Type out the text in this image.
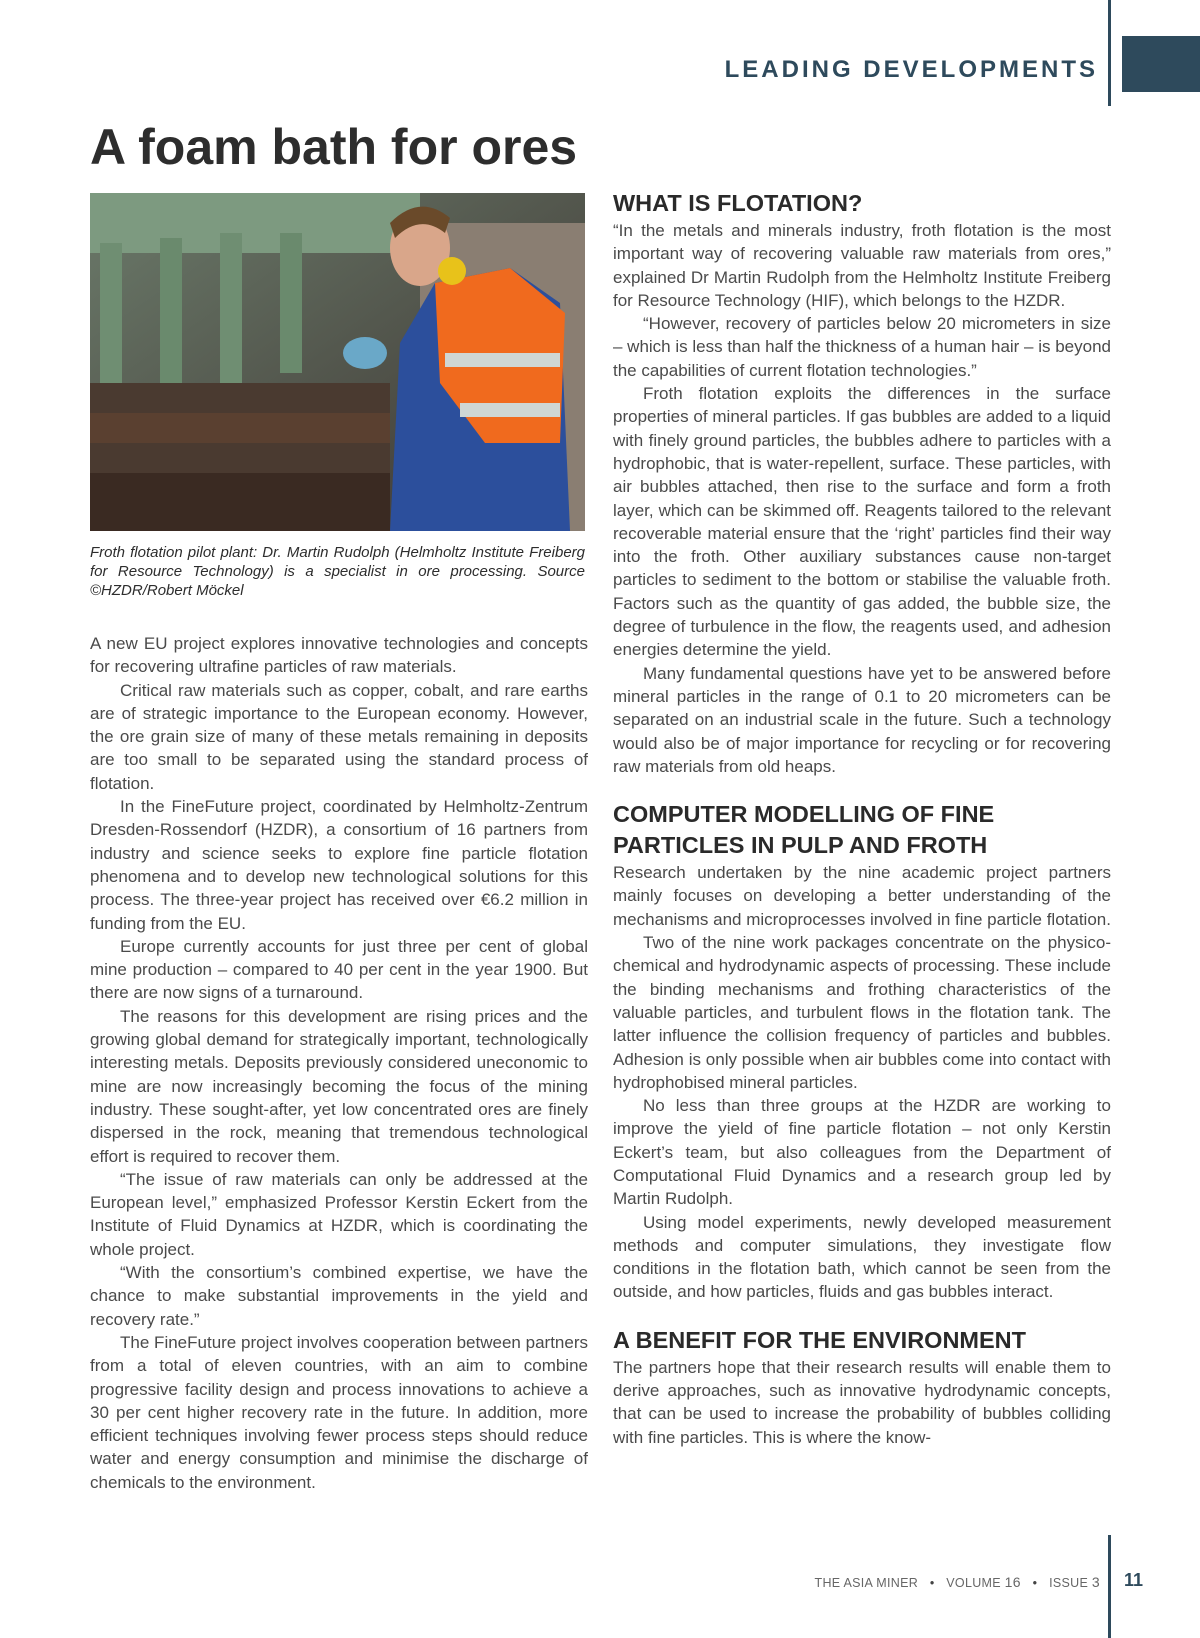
LEADING DEVELOPMENTS
A foam bath for ores

Froth flotation pilot plant: Dr. Martin Rudolph (Helmholtz Institute Freiberg for Resource Technology) is a specialist in ore processing. Source ©HZDR/Robert Möckel

A new EU project explores innovative technologies and concepts for recovering ultrafine particles of raw materials.

Critical raw materials such as copper, cobalt, and rare earths are of strategic importance to the European economy. However, the ore grain size of many of these metals remaining in deposits are too small to be separated using the standard process of flotation.

In the FineFuture project, coordinated by Helmholtz-Zentrum Dresden-Rossendorf (HZDR), a consortium of 16 partners from industry and science seeks to explore fine particle flotation phenomena and to develop new technological solutions for this process. The three-year project has received over €6.2 million in funding from the EU.

Europe currently accounts for just three per cent of global mine production – compared to 40 per cent in the year 1900. But there are now signs of a turnaround.

The reasons for this development are rising prices and the growing global demand for strategically important, technologically interesting metals. Deposits previously considered uneconomic to mine are now increasingly becoming the focus of the mining industry. These sought-after, yet low concentrated ores are finely dispersed in the rock, meaning that tremendous technological effort is required to recover them.

“The issue of raw materials can only be addressed at the European level,” emphasized Professor Kerstin Eckert from the Institute of Fluid Dynamics at HZDR, which is coordinating the whole project.

“With the consortium’s combined expertise, we have the chance to make substantial improvements in the yield and recovery rate.”

The FineFuture project involves cooperation between partners from a total of eleven countries, with an aim to combine progressive facility design and process innovations to achieve a 30 per cent higher recovery rate in the future. In addition, more efficient techniques involving fewer process steps should reduce water and energy consumption and minimise the discharge of chemicals to the environment.

WHAT IS FLOTATION?

“In the metals and minerals industry, froth flotation is the most important way of recovering valuable raw materials from ores,” explained Dr Martin Rudolph from the Helmholtz Institute Freiberg for Resource Technology (HIF), which belongs to the HZDR.

“However, recovery of particles below 20 micrometers in size – which is less than half the thickness of a human hair – is beyond the capabilities of current flotation technologies.”

Froth flotation exploits the differences in the surface properties of mineral particles. If gas bubbles are added to a liquid with finely ground particles, the bubbles adhere to particles with a hydrophobic, that is water-repellent, surface. These particles, with air bubbles attached, then rise to the surface and form a froth layer, which can be skimmed off. Reagents tailored to the relevant recoverable material ensure that the ‘right’ particles find their way into the froth. Other auxiliary substances cause non-target particles to sediment to the bottom or stabilise the valuable froth. Factors such as the quantity of gas added, the bubble size, the degree of turbulence in the flow, the reagents used, and adhesion energies determine the yield.

Many fundamental questions have yet to be answered before mineral particles in the range of 0.1 to 20 micrometers can be separated on an industrial scale in the future. Such a technology would also be of major importance for recycling or for recovering raw materials from old heaps.

COMPUTER MODELLING OF FINE PARTICLES IN PULP AND FROTH

Research undertaken by the nine academic project partners mainly focuses on developing a better understanding of the mechanisms and microprocesses involved in fine particle flotation.

Two of the nine work packages concentrate on the physico-chemical and hydrodynamic aspects of processing. These include the binding mechanisms and frothing characteristics of the valuable particles, and turbulent flows in the flotation tank. The latter influence the collision frequency of particles and bubbles. Adhesion is only possible when air bubbles come into contact with hydrophobised mineral particles.

No less than three groups at the HZDR are working to improve the yield of fine particle flotation – not only Kerstin Eckert’s team, but also colleagues from the Department of Computational Fluid Dynamics and a research group led by Martin Rudolph.

Using model experiments, newly developed measurement methods and computer simulations, they investigate flow conditions in the flotation bath, which cannot be seen from the outside, and how particles, fluids and gas bubbles interact.

A BENEFIT FOR THE ENVIRONMENT

The partners hope that their research results will enable them to derive approaches, such as innovative hydrodynamic concepts, that can be used to increase the probability of bubbles colliding with fine particles. This is where the know-

THE ASIA MINER • VOLUME 16 • ISSUE 3 11
